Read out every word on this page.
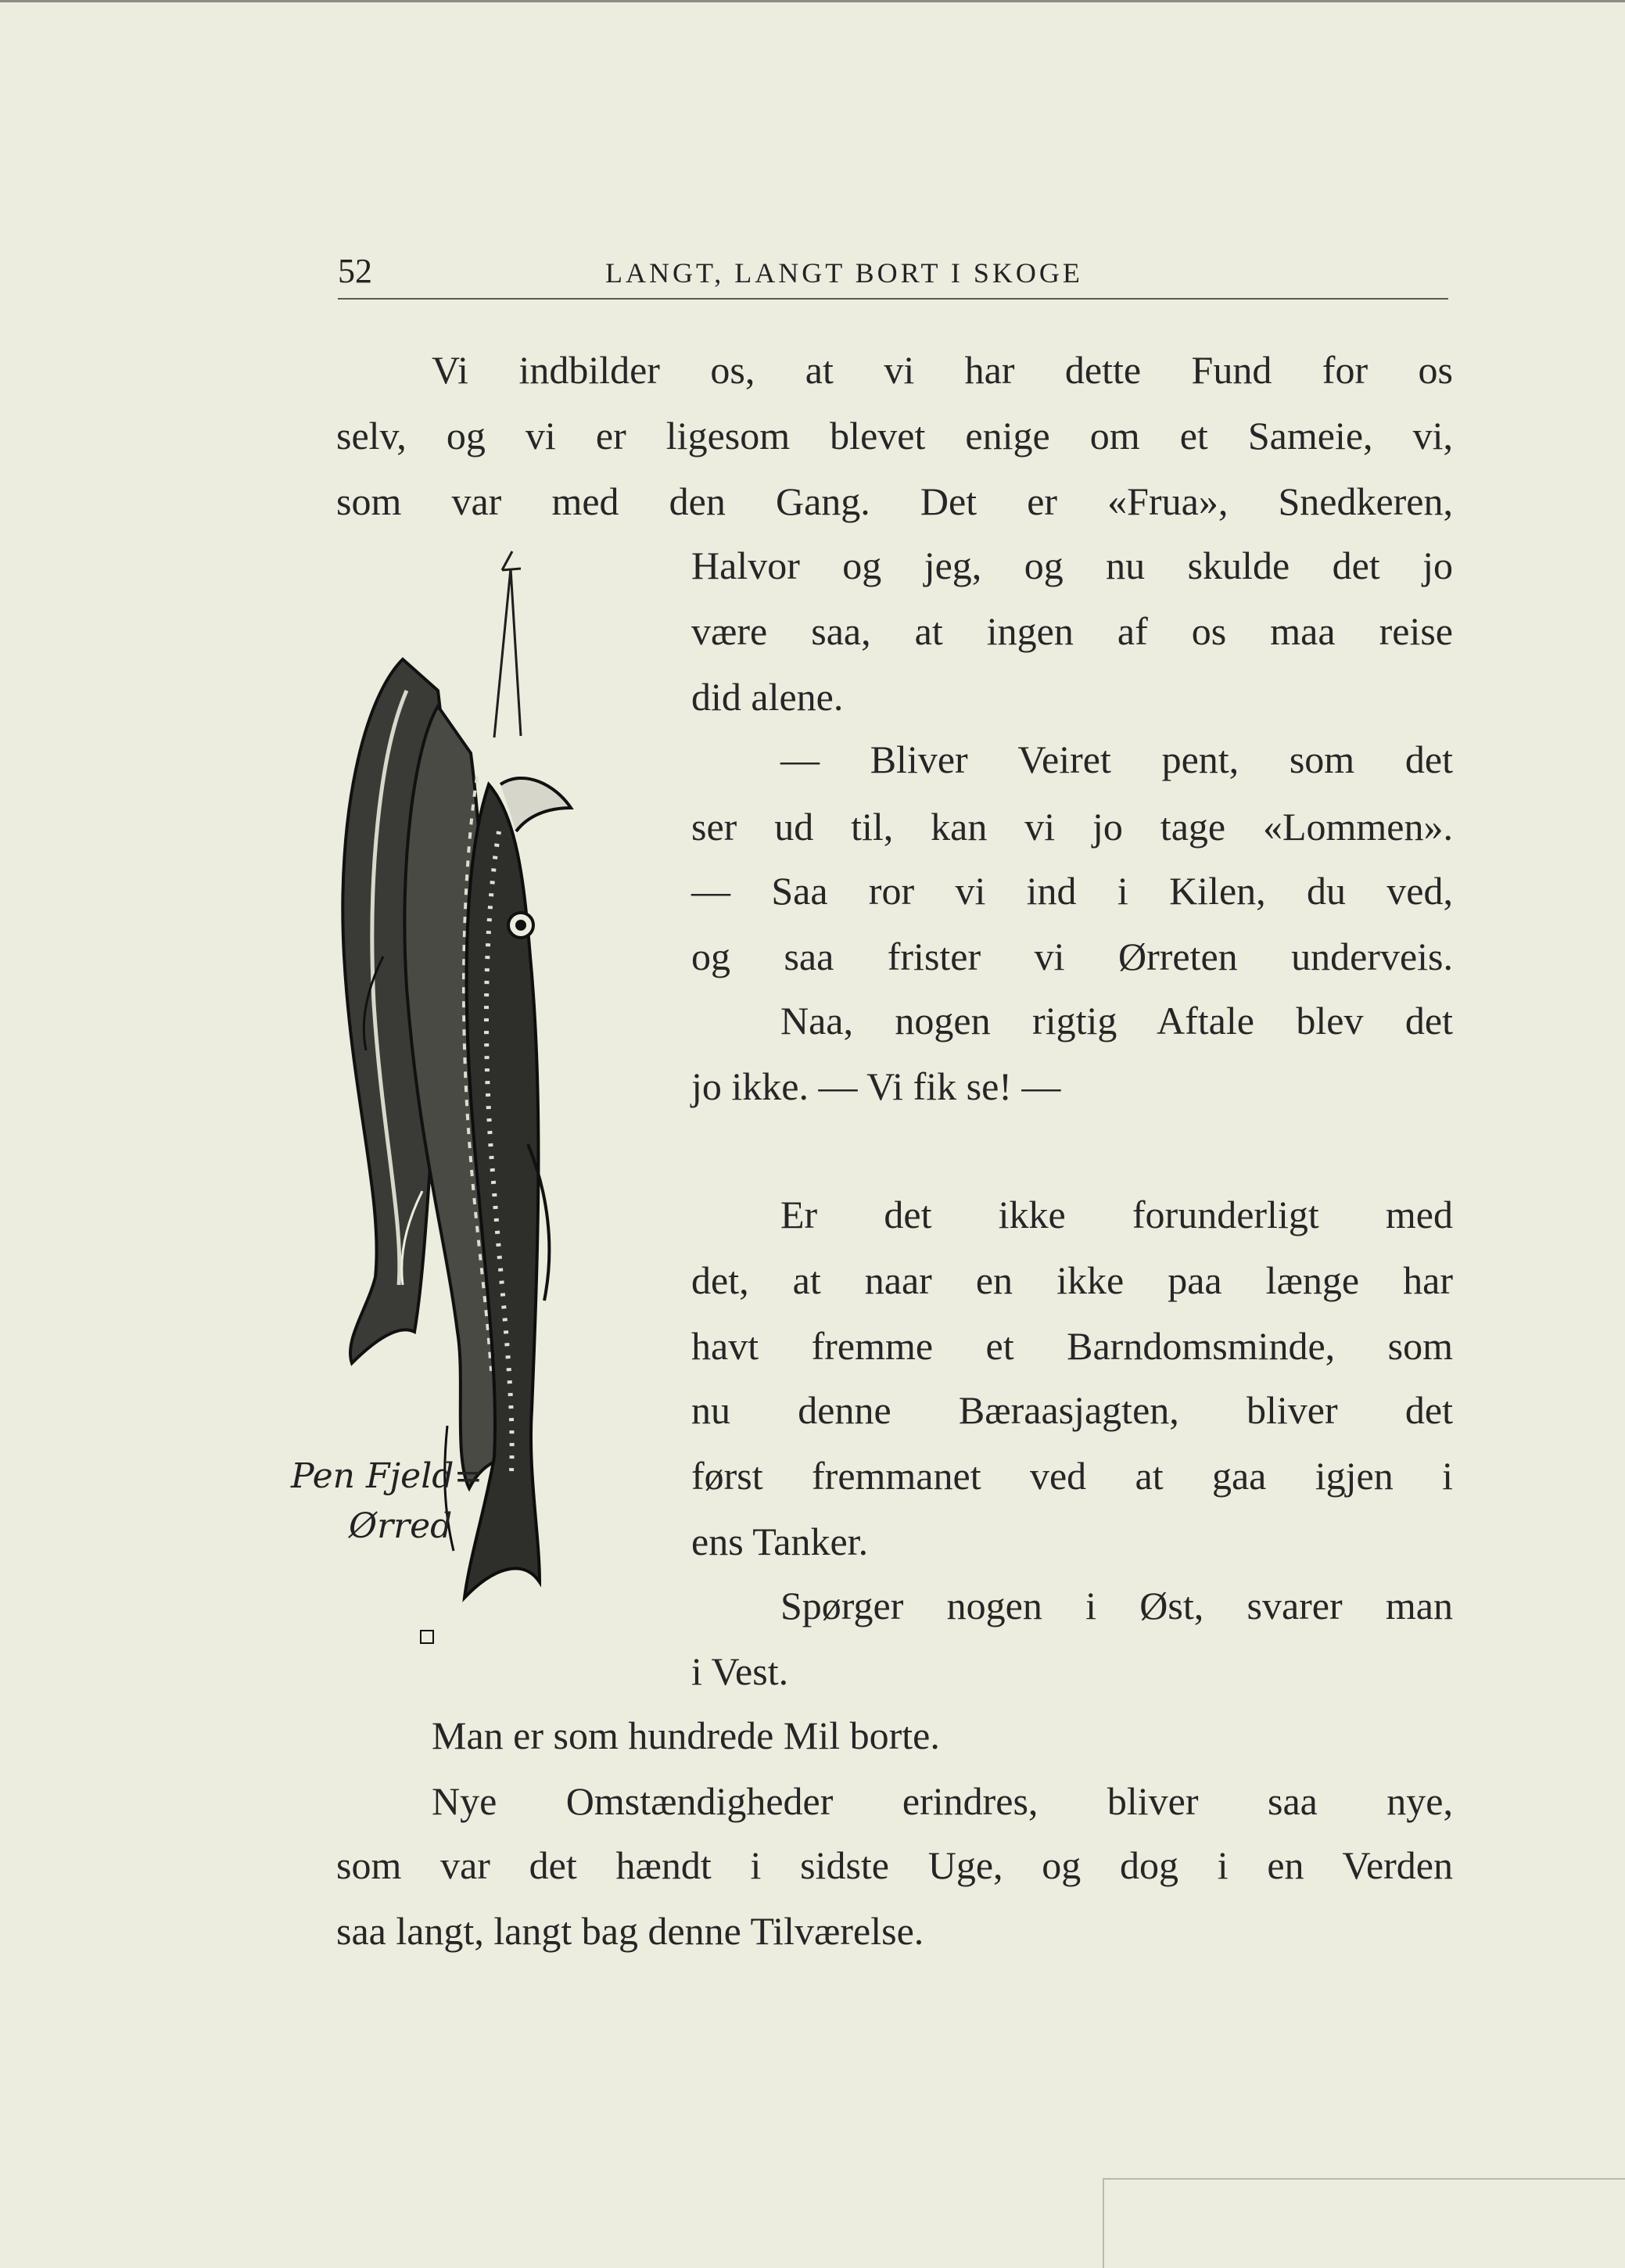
52	LANGT, LANGT BORT I SKOGE
Vi indbilder os, at vi har dette Fund for os
selv, og vi er ligesom blevet enige om et Sameie, vi,
som var med den Gang. Det er «Frua», Snedkeren,
Halvor og jeg, og nu skulde det jo
være saa, at ingen af os maa reise
did alene.
— Bliver Veiret pent, som det
ser ud til, kan vi jo tage «Lommen».
— Saa ror vi ind i Kilen, du ved,
og saa frister vi Ørreten underveis.
Naa, nogen rigtig Aftale blev det
jo ikke. — Vi fik se! —
Er det ikke forunderligt med
det, at naar en ikke paa længe har
havt fremme et Barndomsminde, som
nu denne Bæraasjagten, bliver det
først fremmanet ved at gaa igjen i
ens Tanker.
Spørger nogen i Øst, svarer man
i Vest.
Man er som hundrede Mil borte.
Nye Omstændigheder erindres, bliver saa nye,
som var det hændt i sidste Uge, og dog i en Verden
saa langt, langt bag denne Tilværelse.
Pen Fjeld=
Ørred
